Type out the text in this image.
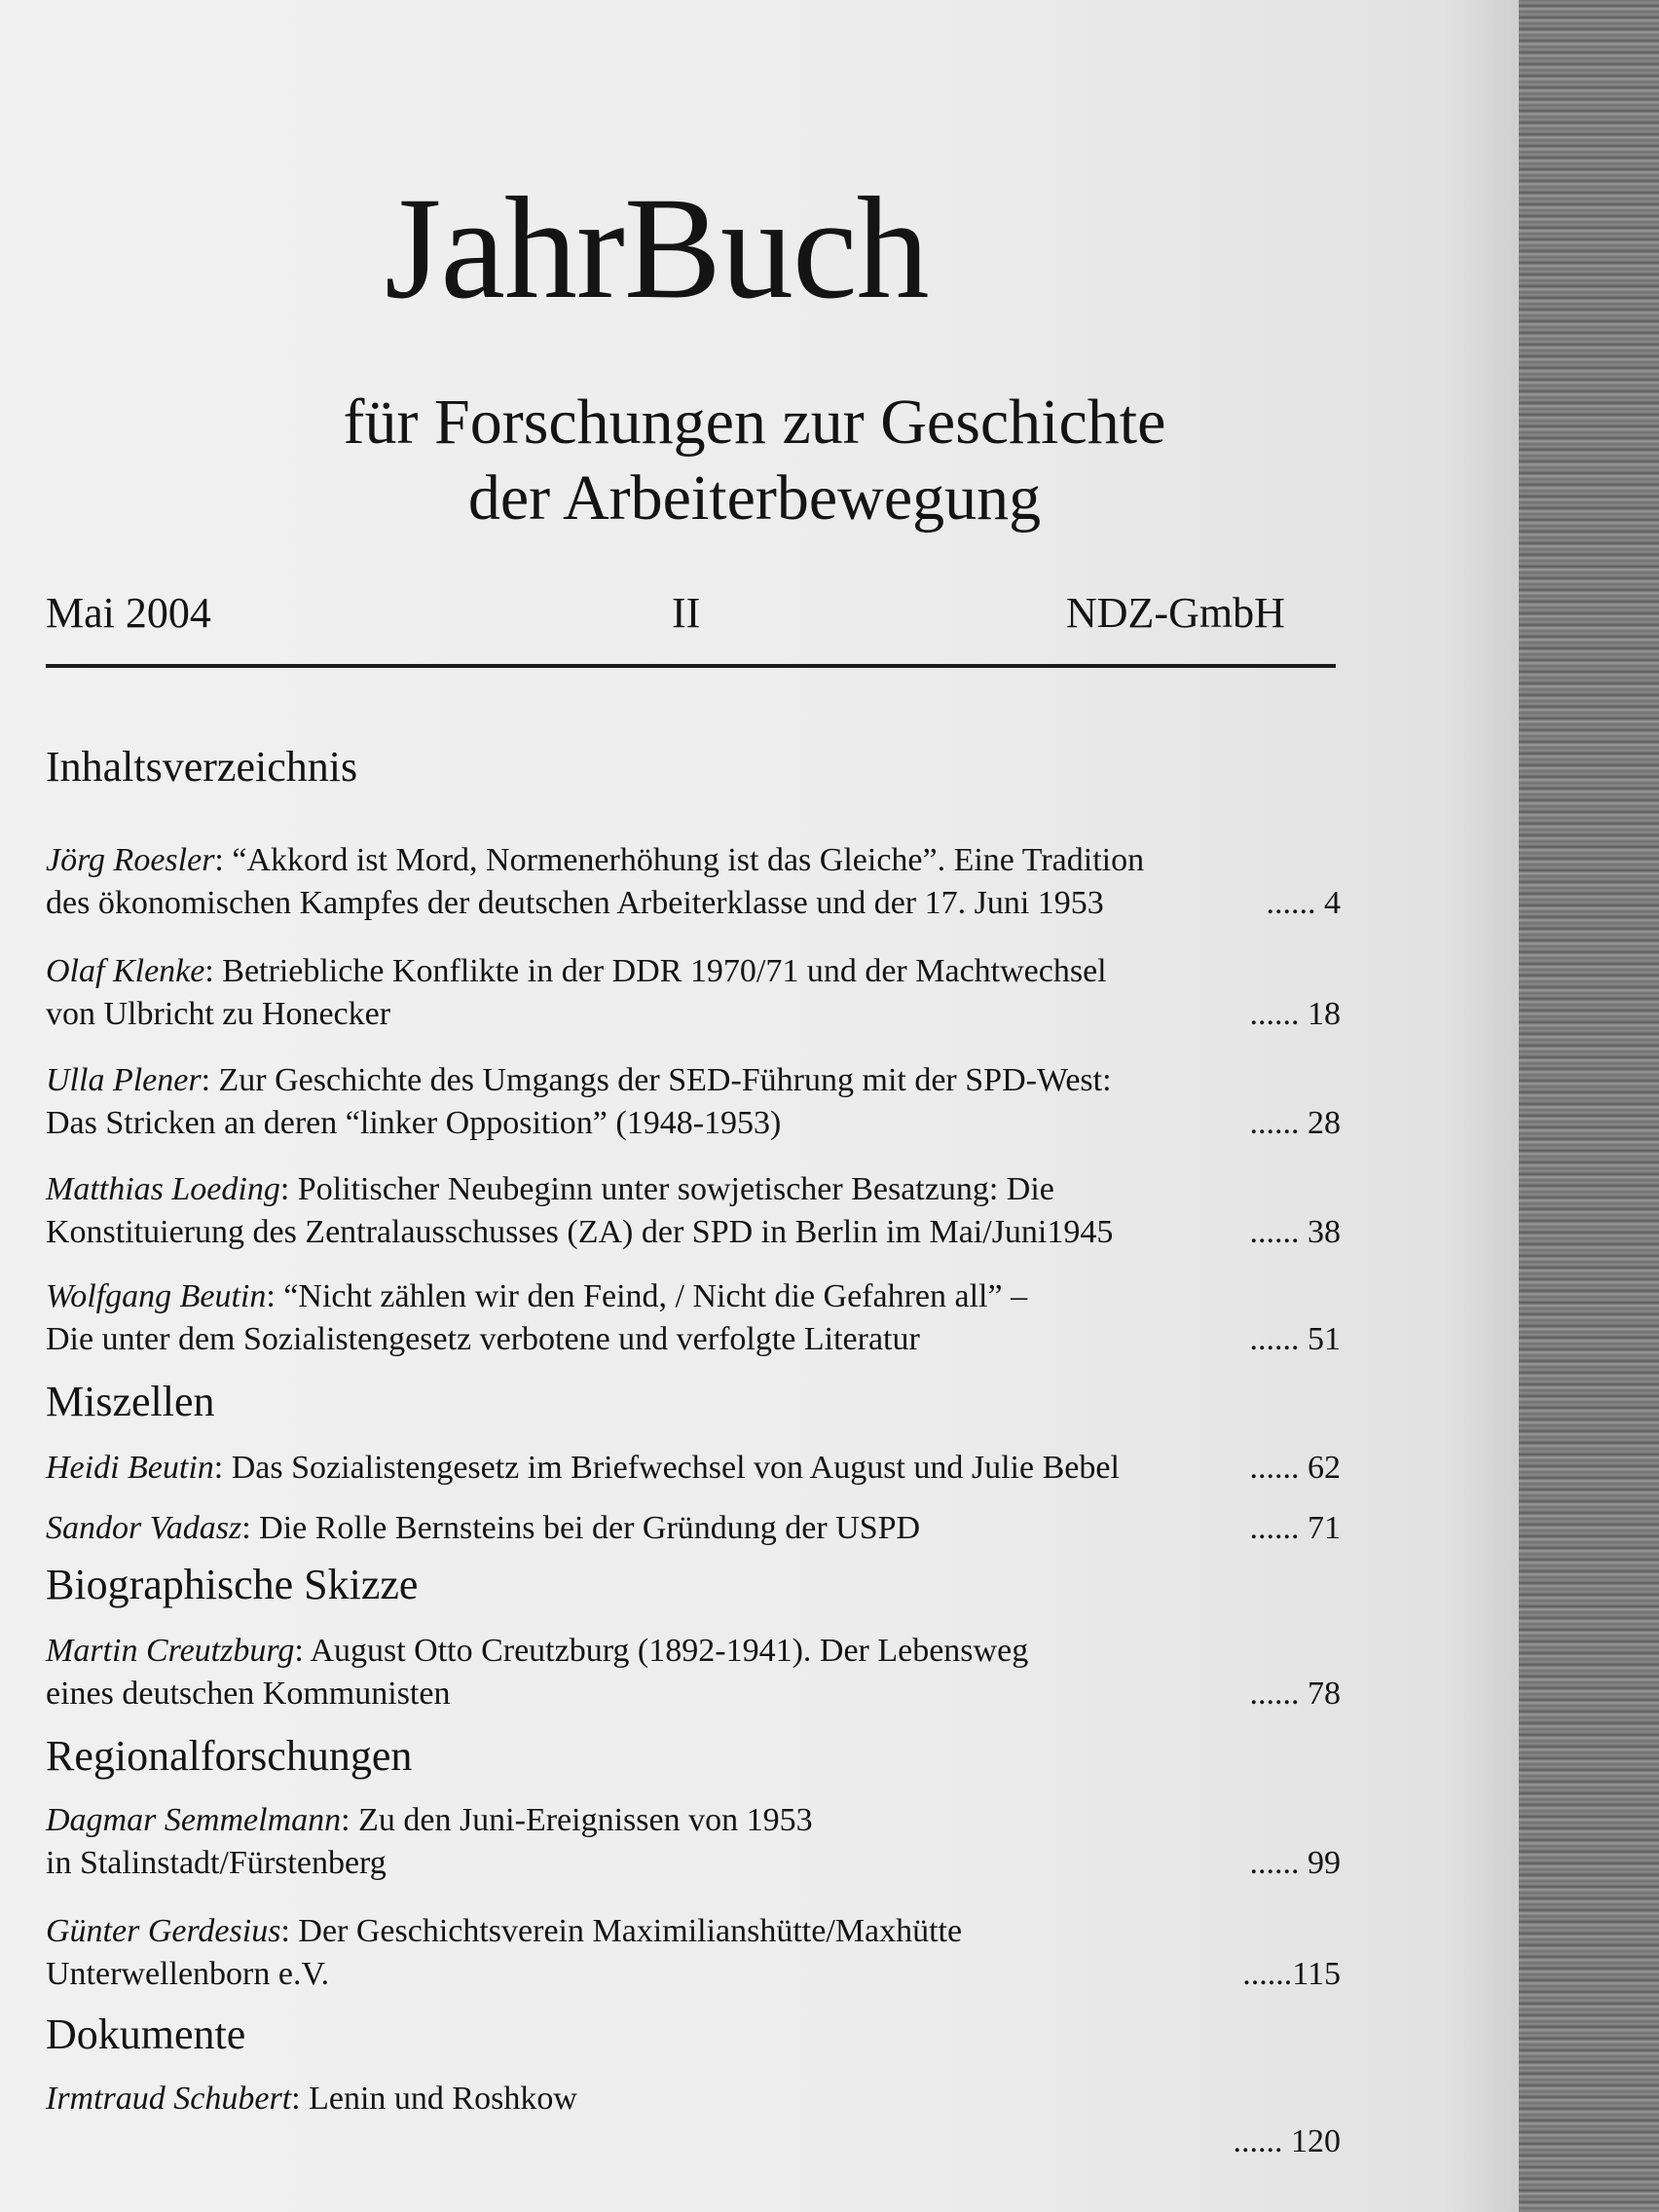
JahrBuch
für Forschungen zur Geschichte
der Arbeiterbewegung
Mai 2004	II	NDZ-GmbH
Inhaltsverzeichnis
Jörg Roesler: “Akkord ist Mord, Normenerhöhung ist das Gleiche”. Eine Tradition
des ökonomischen Kampfes der deutschen Arbeiterklasse und der 17. Juni 1953	...... 4
Olaf Klenke: Betriebliche Konflikte in der DDR 1970/71 und der Machtwechsel
von Ulbricht zu Honecker	...... 18
Ulla Plener: Zur Geschichte des Umgangs der SED-Führung mit der SPD-West:
Das Stricken an deren “linker Opposition” (1948-1953)	...... 28
Matthias Loeding: Politischer Neubeginn unter sowjetischer Besatzung: Die
Konstituierung des Zentralausschusses (ZA) der SPD in Berlin im Mai/Juni1945	...... 38
Wolfgang Beutin: “Nicht zählen wir den Feind, / Nicht die Gefahren all” –
Die unter dem Sozialistengesetz verbotene und verfolgte Literatur	...... 51
Miszellen
Heidi Beutin: Das Sozialistengesetz im Briefwechsel von August und Julie Bebel	...... 62
Sandor Vadasz: Die Rolle Bernsteins bei der Gründung der USPD	...... 71
Biographische Skizze
Martin Creutzburg: August Otto Creutzburg (1892-1941). Der Lebensweg
eines deutschen Kommunisten	...... 78
Regionalforschungen
Dagmar Semmelmann: Zu den Juni-Ereignissen von 1953
in Stalinstadt/Fürstenberg	...... 99
Günter Gerdesius: Der Geschichtsverein Maximilianshütte/Maxhütte
Unterwellenborn e.V.	......115
Dokumente
Irmtraud Schubert: Lenin und Roshkow
...... 120
